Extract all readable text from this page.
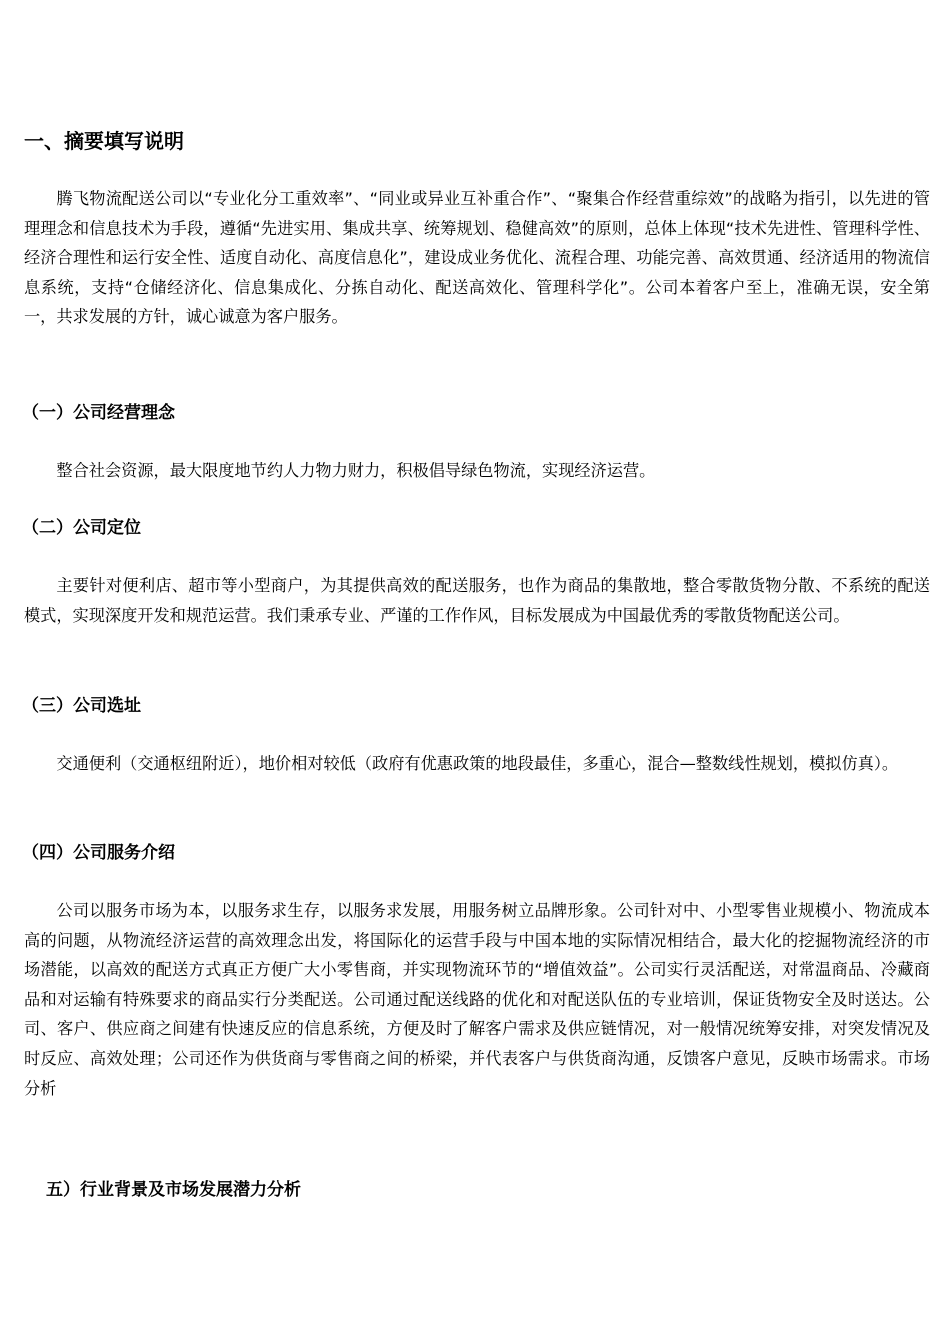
一、摘要填写说明

腾飞物流配送公司以“专业化分工重效率”、“同业或异业互补重合作”、“聚集合作经营重综效”的战略为指引，以先进的管理理念和信息技术为手段，遵循“先进实用、集成共享、统筹规划、稳健高效”的原则，总体上体现“技术先进性、管理科学性、经济合理性和运行安全性、适度自动化、高度信息化”，建设成业务优化、流程合理、功能完善、高效贯通、经济适用的物流信息系统，支持“仓储经济化、信息集成化、分拣自动化、配送高效化、管理科学化”。公司本着客户至上，准确无误，安全第一，共求发展的方针，诚心诚意为客户服务。

（一）公司经营理念

整合社会资源，最大限度地节约人力物力财力，积极倡导绿色物流，实现经济运营。

（二）公司定位

主要针对便利店、超市等小型商户，为其提供高效的配送服务，也作为商品的集散地，整合零散货物分散、不系统的配送模式，实现深度开发和规范运营。我们秉承专业、严谨的工作作风，目标发展成为中国最优秀的零散货物配送公司。

（三）公司选址

交通便利（交通枢纽附近），地价相对较低（政府有优惠政策的地段最佳，多重心，混合—整数线性规划，模拟仿真）。

（四）公司服务介绍

公司以服务市场为本，以服务求生存，以服务求发展，用服务树立品牌形象。公司针对中、小型零售业规模小、物流成本高的问题，从物流经济运营的高效理念出发，将国际化的运营手段与中国本地的实际情况相结合，最大化的挖掘物流经济的市场潜能，以高效的配送方式真正方便广大小零售商，并实现物流环节的“增值效益”。公司实行灵活配送，对常温商品、冷藏商品和对运输有特殊要求的商品实行分类配送。公司通过配送线路的优化和对配送队伍的专业培训，保证货物安全及时送达。公司、客户、供应商之间建有快速反应的信息系统，方便及时了解客户需求及供应链情况，对一般情况统筹安排，对突发情况及时反应、高效处理；公司还作为供货商与零售商之间的桥梁，并代表客户与供货商沟通，反馈客户意见，反映市场需求。市场分析

五）行业背景及市场发展潜力分析
